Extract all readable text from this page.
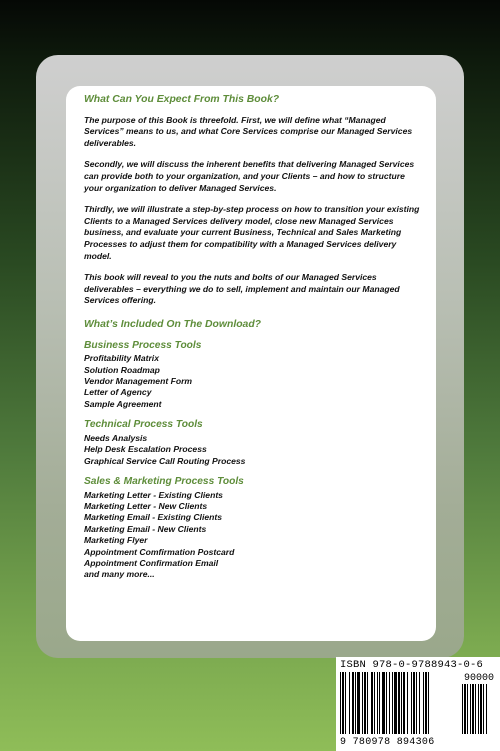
What Can You Expect From This Book?

The purpose of this Book is threefold. First, we will define what “Managed Services” means to us, and what Core Services comprise our Managed Services deliverables.

Secondly, we will discuss the inherent benefits that delivering Managed Services can provide both to your organization, and your Clients – and how to structure your organization to deliver Managed Services.

Thirdly, we will illustrate a step-by-step process on how to transition your existing Clients to a Managed Services delivery model, close new Managed Services business, and evaluate your current Business, Technical and Sales Marketing Processes to adjust them for compatibility with a Managed Services delivery model.

This book will reveal to you the nuts and bolts of our Managed Services deliverables – everything we do to sell, implement and maintain our Managed Services offering.

What’s Included On The Download?
Business Process Tools
Profitability Matrix
Solution Roadmap
Vendor Management Form
Letter of Agency
Sample Agreement
Technical Process Tools
Needs Analysis
Help Desk Escalation Process
Graphical Service Call Routing Process
Sales & Marketing Process Tools
Marketing Letter - Existing Clients
Marketing Letter - New Clients
Marketing Email - Existing Clients
Marketing Email - New Clients
Marketing Flyer
Appointment Comfirmation Postcard
Appointment Confirmation Email
and many more...
ISBN 978-0-9788943-0-6
90000
9 780978 894306
